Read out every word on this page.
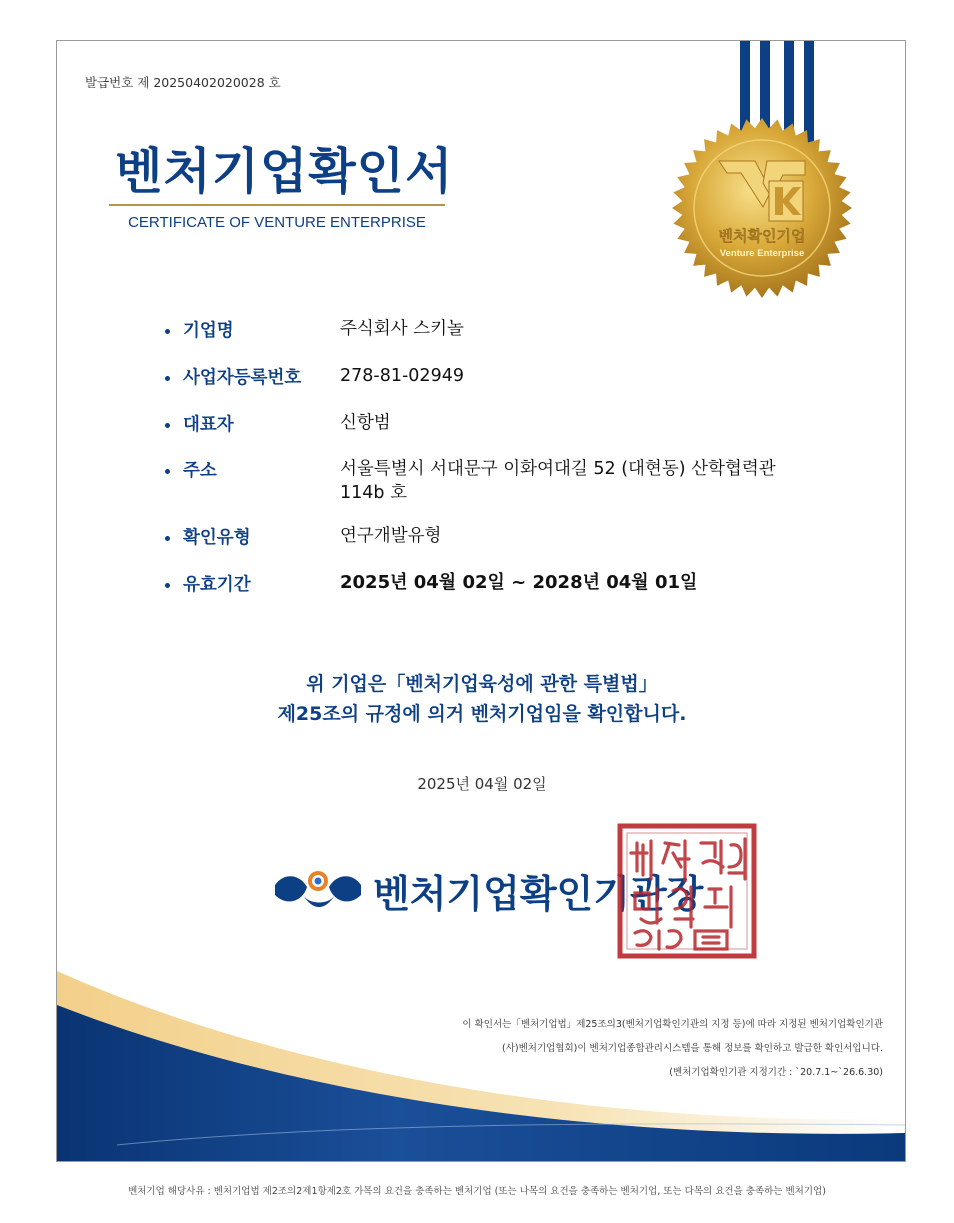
발급번호 제 20250402020028 호
벤처기업확인서
CERTIFICATE OF VENTURE ENTERPRISE
벤처확인기업
Venture Enterprise
기업명	주식회사 스키놀
사업자등록번호 278-81-02949
대표자	신항범
주소	서울특별시 서대문구 이화여대길 52 (대현동) 산학협력관
114b 호
확인유형	연구개발유형
유효기간	2025년 04월 02일 ~ 2028년 04월 01일
위 기업은「벤처기업육성에 관한 특별법」
제25조의 규정에 의거 벤처기업임을 확인합니다.
2025년 04월 02일
이 확인서는「벤처기업법」제25조의3(벤처기업확인기관의 지정 등)에 따라 지정된 벤처기업확인기관
(사)벤처기업협회)이 벤처기업종합관리시스템을 통해 정보를 확인하고 발급한 확인서입니다.
(벤처기업확인기관 지정기간 : `20.7.1~`26.6.30)
벤처기업확인기관장
벤처기업 해당사유 : 벤처기업법 제2조의2제1항제2호 가목의 요건을 충족하는 벤처기업 (또는 나목의 요건을 충족하는 벤처기업, 또는 다목의 요건을 충족하는 벤처기업)
